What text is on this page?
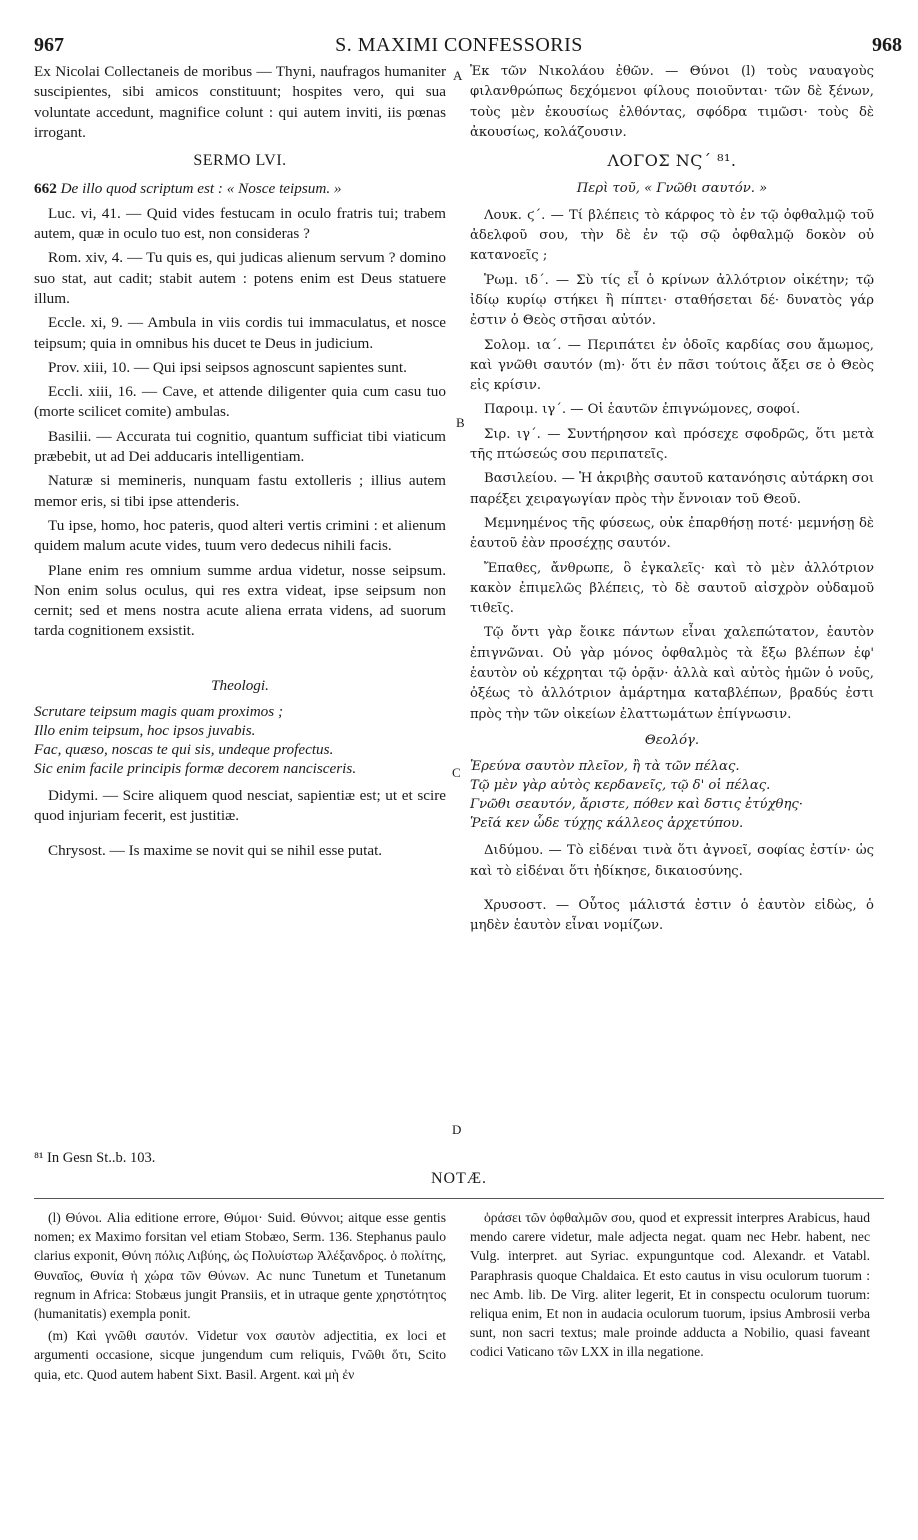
967	S. MAXIMI CONFESSORIS	968
A
B
C
D

Ex Nicolai Collectaneis de moribus — Thyni, naufragos humaniter suscipientes, sibi amicos constituunt; hospites vero, qui sua voluntate accedunt, magnifice colunt : qui autem inviti, iis pœnas irrogant.

SERMO LVI.

662 De illo quod scriptum est : « Nosce teipsum. »

Luc. vi, 41. — Quid vides festucam in oculo fratris tui; trabem autem, quæ in oculo tuo est, non consideras ?

Rom. xiv, 4. — Tu quis es, qui judicas alienum servum ? domino suo stat, aut cadit; stabit autem : potens enim est Deus statuere illum.

Eccle. xi, 9. — Ambula in viis cordis tui immaculatus, et nosce teipsum; quia in omnibus his ducet te Deus in judicium.

Prov. xiii, 10. — Qui ipsi seipsos agnoscunt sapientes sunt.

Eccli. xiii, 16. — Cave, et attende diligenter quia cum casu tuo (morte scilicet comite) ambulas.

Basilii. — Accurata tui cognitio, quantum sufficiat tibi viaticum præbebit, ut ad Dei adducaris intelligentiam.

Naturæ si memineris, nunquam fastu extolleris ; illius autem memor eris, si tibi ipse attenderis.

Tu ipse, homo, hoc pateris, quod alteri vertis crimini : et alienum quidem malum acute vides, tuum vero dedecus nihili facis.

Plane enim res omnium summe ardua videtur, nosse seipsum. Non enim solus oculus, qui res extra videat, ipse seipsum non cernit; sed et mens nostra acute aliena errata videns, ad suorum tarda cognitionem exsistit.

Theologi.

Scrutare teipsum magis quam proximos ;

Illo enim teipsum, hoc ipsos juvabis.

Fac, quæso, noscas te qui sis, undeque profectus.

Sic enim facile principis formæ decorem nancisceris.

Didymi. — Scire aliquem quod nesciat, sapientiæ est; ut et scire quod injuriam fecerit, est justitiæ.

Chrysost. — Is maxime se novit qui se nihil esse putat.

Ἐκ τῶν Νικολάου ἐθῶν. — Θύνοι (l) τοὺς ναυαγοὺς φιλανθρώπως δεχόμενοι φίλους ποιοῦνται· τῶν δὲ ξένων, τοὺς μὲν ἑκουσίως ἐλθόντας, σφόδρα τιμῶσι· τοὺς δὲ ἀκουσίως, κολάζουσιν.

ΛΟΓΟΣ ΝϚ´ ⁸¹.
Περὶ τοῦ, « Γνῶθι σαυτόν. »

Λουκ. ϛ´. — Τί βλέπεις τὸ κάρφος τὸ ἐν τῷ ὀφθαλμῷ τοῦ ἀδελφοῦ σου, τὴν δὲ ἐν τῷ σῷ ὀφθαλμῷ δοκὸν οὐ κατανοεῖς ;

Ῥωμ. ιδ´. — Σὺ τίς εἶ ὁ κρίνων ἀλλότριον οἰκέτην; τῷ ἰδίῳ κυρίῳ στήκει ἢ πίπτει· σταθήσεται δέ· δυνατὸς γάρ ἐστιν ὁ Θεὸς στῆσαι αὐτόν.

Σολομ. ια´. — Περιπάτει ἐν ὁδοῖς καρδίας σου ἄμωμος, καὶ γνῶθι σαυτόν (m)· ὅτι ἐν πᾶσι τούτοις ἄξει σε ὁ Θεὸς εἰς κρίσιν.

Παροιμ. ιγ´. — Οἱ ἑαυτῶν ἐπιγνώμονες, σοφοί.

Σιρ. ιγ´. — Συντήρησον καὶ πρόσεχε σφοδρῶς, ὅτι μετὰ τῆς πτώσεώς σου περιπατεῖς.

Βασιλείου. — Ἡ ἀκριβὴς σαυτοῦ κατανόησις αὐτάρκη σοι παρέξει χειραγωγίαν πρὸς τὴν ἔννοιαν τοῦ Θεοῦ.

Μεμνημένος τῆς φύσεως, οὐκ ἐπαρθήσῃ ποτέ· μεμνήσῃ δὲ ἑαυτοῦ ἐὰν προσέχῃς σαυτόν.

Ἔπαθες, ἄνθρωπε, ὃ ἐγκαλεῖς· καὶ τὸ μὲν ἀλλότριον κακὸν ἐπιμελῶς βλέπεις, τὸ δὲ σαυτοῦ αἰσχρὸν οὐδαμοῦ τιθεῖς.

Τῷ ὄντι γὰρ ἔοικε πάντων εἶναι χαλεπώτατον, ἑαυτὸν ἐπιγνῶναι. Οὐ γὰρ μόνος ὀφθαλμὸς τὰ ἔξω βλέπων ἐφ' ἑαυτὸν οὐ κέχρηται τῷ ὁρᾷν· ἀλλὰ καὶ αὐτὸς ἡμῶν ὁ νοῦς, ὀξέως τὸ ἀλλότριον ἁμάρτημα καταβλέπων, βραδύς ἐστι πρὸς τὴν τῶν οἰκείων ἐλαττωμάτων ἐπίγνωσιν.

Θεολόγ.

Ἐρεύνα σαυτὸν πλεῖον, ἢ τὰ τῶν πέλας.

Τῷ μὲν γὰρ αὐτὸς κερδανεῖς, τῷ δ' οἱ πέλας.

Γνῶθι σεαυτόν, ἄριστε, πόθεν καὶ δστις ἐτύχθης·

Ῥεῖά κεν ὧδε τύχῃς κάλλεος ἀρχετύπου.

Διδύμου. — Τὸ εἰδέναι τινὰ ὅτι ἀγνοεῖ, σοφίας ἐστίν· ὡς καὶ τὸ εἰδέναι ὅτι ἠδίκησε, δικαιοσύνης.

Χρυσοστ. — Οὗτος μάλιστά ἐστιν ὁ ἑαυτὸν εἰδὼς, ὁ μηδὲν ἑαυτὸν εἶναι νομίζων.

⁸¹ In Gesn St..b. 103.
NOTÆ.

(l) Θύνοι. Alia editione errore, Θύμοι· Suid. Θύννοι; aitque esse gentis nomen; ex Maximo forsitan vel etiam Stobæo, Serm. 136. Stephanus paulo clarius exponit, Θύνη πόλις Λιβύης, ὡς Πολυίστωρ Ἀλέξανδρος. ὁ πολίτης, Θυναῖος, Θυνία ἡ χώρα τῶν Θύνων. Ac nunc Tunetum et Tunetanum regnum in Africa: Stobæus jungit Pransiis, et in utraque gente χρηστότητος (humanitatis) exempla ponit.

(m) Καὶ γνῶθι σαυτόν. Videtur vox σαυτὸν adjectitia, ex loci et argumenti occasione, sicque jungendum cum reliquis, Γνῶθι ὅτι, Scito quia, etc. Quod autem habent Sixt. Basil. Argent. καὶ μὴ ἐν

ὁράσει τῶν ὀφθαλμῶν σου, quod et expressit interpres Arabicus, haud mendo carere videtur, male adjecta negat. quam nec Hebr. habent, nec Vulg. interpret. aut Syriac. expunguntque cod. Alexandr. et Vatabl. Paraphrasis quoque Chaldaica. Et esto cautus in visu oculorum tuorum : nec Amb. lib. De Virg. aliter legerit, Et in conspectu oculorum tuorum: reliqua enim, Et non in audacia oculorum tuorum, ipsius Ambrosii verba sunt, non sacri textus; male proinde adducta a Nobilio, quasi faveant codici Vaticano τῶν LXX in illa negatione.
